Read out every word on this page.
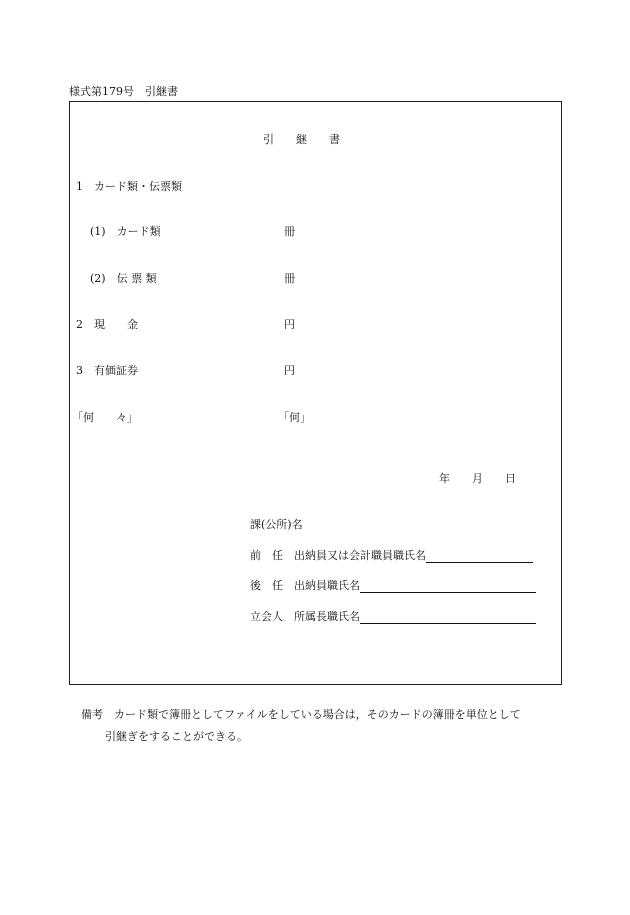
様式第179号　引継書
引　　継　　書
1　カード類・伝票類
(1)　カード類	冊
(2)　伝 票 類	冊
2　現　　金	円
3　有価証券	円
「何　　々」	「何」
年　　月　　日
課(公所)名
前　任　出納員又は会計職員職氏名
後　任　出納員職氏名
立会人　所属長職氏名
備考　カード類で簿冊としてファイルをしている場合は，そのカードの簿冊を単位として
引継ぎをすることができる。
